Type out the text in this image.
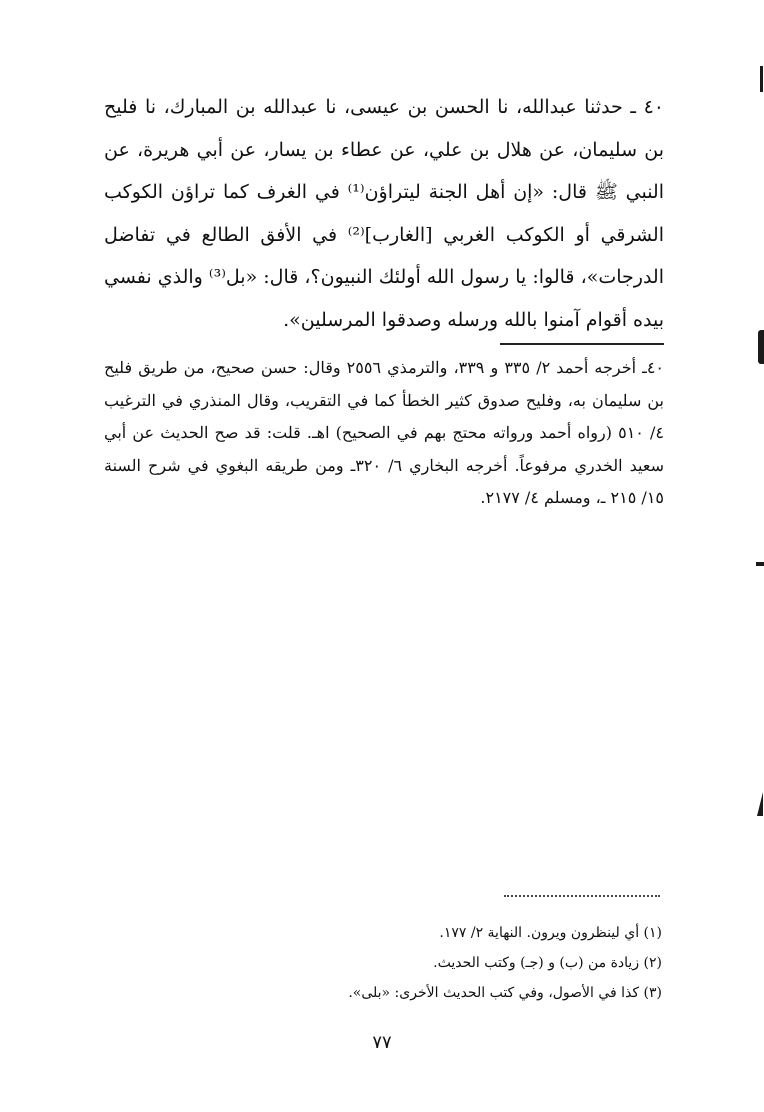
٤٠ ـ حدثنا عبدالله، نا الحسن بن عيسى، نا عبدالله بن المبارك، نا فليح بن سليمان، عن هلال بن علي، عن عطاء بن يسار، عن أبي هريرة، عن النبي ﷺ قال: «إن أهل الجنة ليتراؤن⁽¹⁾ في الغرف كما تراؤن الكوكب الشرقي أو الكوكب الغربي [الغارب]⁽²⁾ في الأفق الطالع في تفاضل الدرجات»، قالوا: يا رسول الله أولئك النبيون؟، قال: «بل⁽³⁾ والذي نفسي بيده أقوام آمنوا بالله ورسله وصدقوا المرسلين».

٤٠ـ أخرجه أحمد ٢/ ٣٣٥ و ٣٣٩، والترمذي ٢٥٥٦ وقال: حسن صحيح، من طريق فليح بن سليمان به، وفليح صدوق كثير الخطأ كما في التقريب، وقال المنذري في الترغيب ٤/ ٥١٠ (رواه أحمد ورواته محتج بهم في الصحيح) اهـ. قلت: قد صح الحديث عن أبي سعيد الخدري مرفوعاً. أخرجه البخاري ٦/ ٣٢٠ـ ومن طريقه البغوي في شرح السنة ١٥/ ٢١٥ ـ، ومسلم ٤/ ٢١٧٧.

(١) أي لينظرون ويرون. النهاية ٢/ ١٧٧.
(٢) زيادة من (ب) و (جـ) وكتب الحديث.
(٣) كذا في الأصول، وفي كتب الحديث الأخرى: «بلى».
٧٧
